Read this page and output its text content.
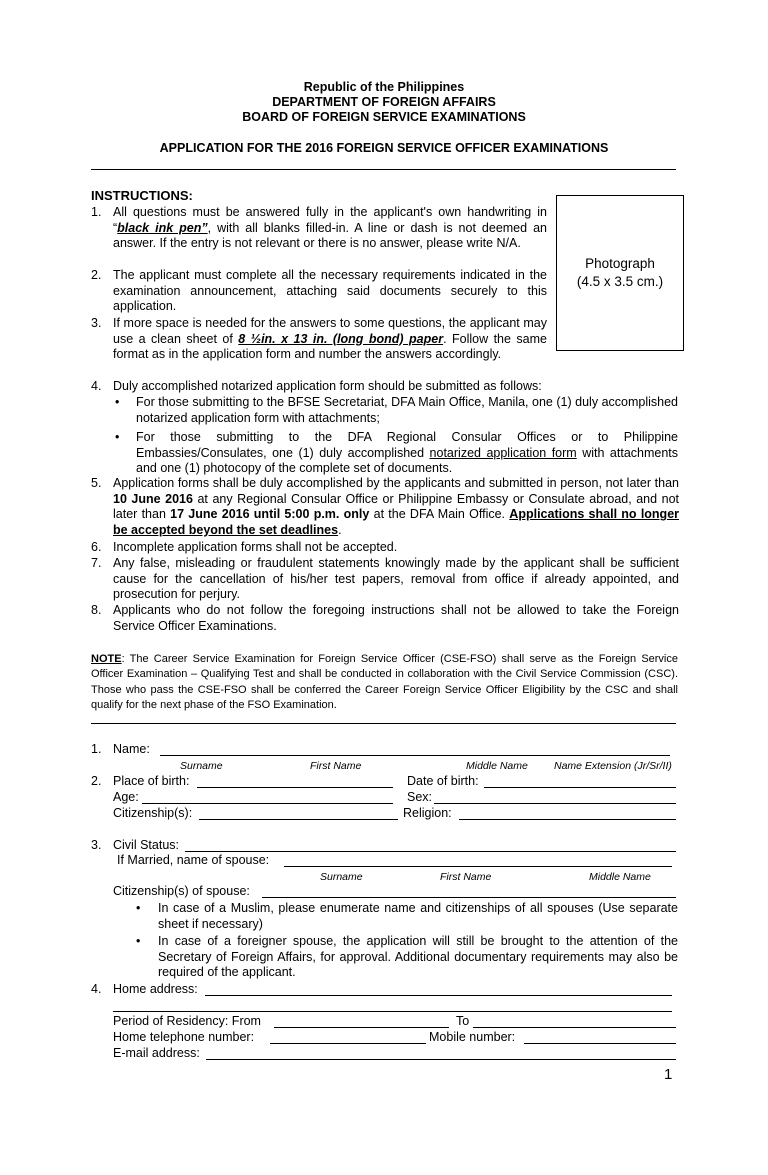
Republic of the Philippines
DEPARTMENT OF FOREIGN AFFAIRS
BOARD OF FOREIGN SERVICE EXAMINATIONS
APPLICATION FOR THE 2016 FOREIGN SERVICE OFFICER EXAMINATIONS
Photograph
(4.5 x 3.5 cm.)
INSTRUCTIONS:
1. All questions must be answered fully in the applicant's own handwriting in “black ink pen”, with all blanks filled-in. A line or dash is not deemed an answer. If the entry is not relevant or there is no answer, please write N/A.
2. The applicant must complete all the necessary requirements indicated in the examination announcement, attaching said documents securely to this application.
3. If more space is needed for the answers to some questions, the applicant may use a clean sheet of 8 ½in. x 13 in. (long bond) paper. Follow the same format as in the application form and number the answers accordingly.
4. Duly accomplished notarized application form should be submitted as follows:
• For those submitting to the BFSE Secretariat, DFA Main Office, Manila, one (1) duly accomplished notarized application form with attachments;
• For those submitting to the DFA Regional Consular Offices or to Philippine Embassies/Consulates, one (1) duly accomplished notarized application form with attachments and one (1) photocopy of the complete set of documents.
5. Application forms shall be duly accomplished by the applicants and submitted in person, not later than 10 June 2016 at any Regional Consular Office or Philippine Embassy or Consulate abroad, and not later than 17 June 2016 until 5:00 p.m. only at the DFA Main Office. Applications shall no longer be accepted beyond the set deadlines.
6. Incomplete application forms shall not be accepted.
7. Any false, misleading or fraudulent statements knowingly made by the applicant shall be sufficient cause for the cancellation of his/her test papers, removal from office if already appointed, and prosecution for perjury.
8. Applicants who do not follow the foregoing instructions shall not be allowed to take the Foreign Service Officer Examinations.
NOTE: The Career Service Examination for Foreign Service Officer (CSE-FSO) shall serve as the Foreign Service Officer Examination – Qualifying Test and shall be conducted in collaboration with the Civil Service Commission (CSC). Those who pass the CSE-FSO shall be conferred the Career Foreign Service Officer Eligibility by the CSC and shall qualify for the next phase of the FSO Examination.
1. Name:
Surname	First Name	Middle Name Name Extension (Jr/Sr/II)
2. Place of birth:	Date of birth:
Age:	Sex:
Citizenship(s):	Religion:
3. Civil Status:
If Married, name of spouse:
Surname	First Name	Middle Name
Citizenship(s) of spouse:
• In case of a Muslim, please enumerate name and citizenships of all spouses (Use separate sheet if necessary)
• In case of a foreigner spouse, the application will still be brought to the attention of the Secretary of Foreign Affairs, for approval. Additional documentary requirements may also be required of the applicant.
4. Home address:
Period of Residency: From	To
Home telephone number:	Mobile number:
E-mail address:
1
